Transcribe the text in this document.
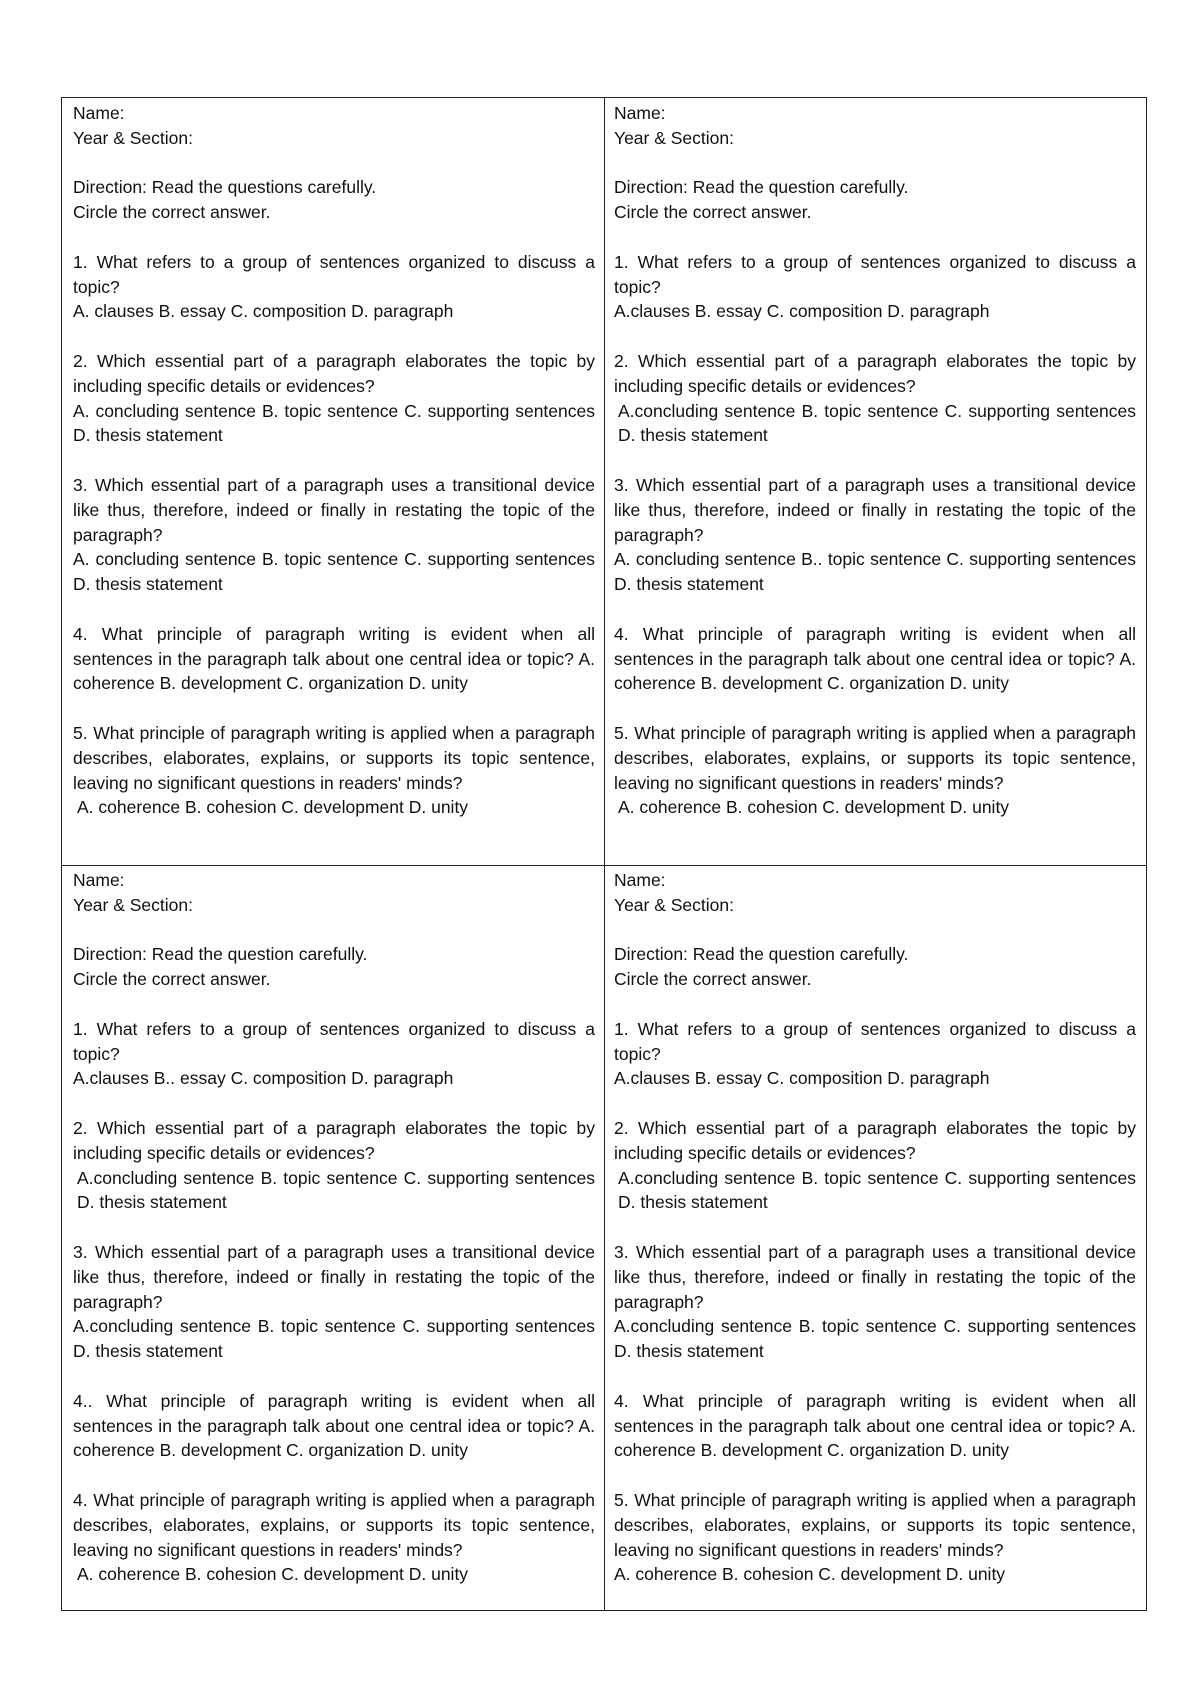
Name:
Year & Section:
Direction: Read the questions carefully.
Circle the correct answer.
1. What refers to a group of sentences organized to discuss a topic?
A. clauses B. essay C. composition D. paragraph
2. Which essential part of a paragraph elaborates the topic by including specific details or evidences?
A. concluding sentence B. topic sentence C. supporting sentences D. thesis statement
3. Which essential part of a paragraph uses a transitional device like thus, therefore, indeed or finally in restating the topic of the paragraph?
A. concluding sentence B. topic sentence C. supporting sentences D. thesis statement
4. What principle of paragraph writing is evident when all sentences in the paragraph talk about one central idea or topic? A. coherence B. development C. organization D. unity
5. What principle of paragraph writing is applied when a paragraph describes, elaborates, explains, or supports its topic sentence, leaving no significant questions in readers' minds?
A. coherence B. cohesion C. development D. unity
Name:
Year & Section:
Direction: Read the question carefully.
Circle the correct answer.
1. What refers to a group of sentences organized to discuss a topic?
A.clauses B. essay C. composition D. paragraph
2. Which essential part of a paragraph elaborates the topic by including specific details or evidences?
A.concluding sentence B. topic sentence C. supporting sentences D. thesis statement
3. Which essential part of a paragraph uses a transitional device like thus, therefore, indeed or finally in restating the topic of the paragraph?
A. concluding sentence B.. topic sentence C. supporting sentences D. thesis statement
4. What principle of paragraph writing is evident when all sentences in the paragraph talk about one central idea or topic? A. coherence B. development C. organization D. unity
5. What principle of paragraph writing is applied when a paragraph describes, elaborates, explains, or supports its topic sentence, leaving no significant questions in readers' minds?
A. coherence B. cohesion C. development D. unity
Name:
Year & Section:
Direction: Read the question carefully.
Circle the correct answer.
1. What refers to a group of sentences organized to discuss a topic?
A.clauses B.. essay C. composition D. paragraph
2. Which essential part of a paragraph elaborates the topic by including specific details or evidences?
A.concluding sentence B. topic sentence C. supporting sentences D. thesis statement
3. Which essential part of a paragraph uses a transitional device like thus, therefore, indeed or finally in restating the topic of the paragraph?
A.concluding sentence B. topic sentence C. supporting sentences D. thesis statement
4.. What principle of paragraph writing is evident when all sentences in the paragraph talk about one central idea or topic? A. coherence B. development C. organization D. unity
4. What principle of paragraph writing is applied when a paragraph describes, elaborates, explains, or supports its topic sentence, leaving no significant questions in readers' minds?
A. coherence B. cohesion C. development D. unity
Name:
Year & Section:
Direction: Read the question carefully.
Circle the correct answer.
1. What refers to a group of sentences organized to discuss a topic?
A.clauses B. essay C. composition D. paragraph
2. Which essential part of a paragraph elaborates the topic by including specific details or evidences?
A.concluding sentence B. topic sentence C. supporting sentences D. thesis statement
3. Which essential part of a paragraph uses a transitional device like thus, therefore, indeed or finally in restating the topic of the paragraph?
A.concluding sentence B. topic sentence C. supporting sentences D. thesis statement
4. What principle of paragraph writing is evident when all sentences in the paragraph talk about one central idea or topic? A. coherence B. development C. organization D. unity
5. What principle of paragraph writing is applied when a paragraph describes, elaborates, explains, or supports its topic sentence, leaving no significant questions in readers' minds?
A. coherence B. cohesion C. development D. unity
